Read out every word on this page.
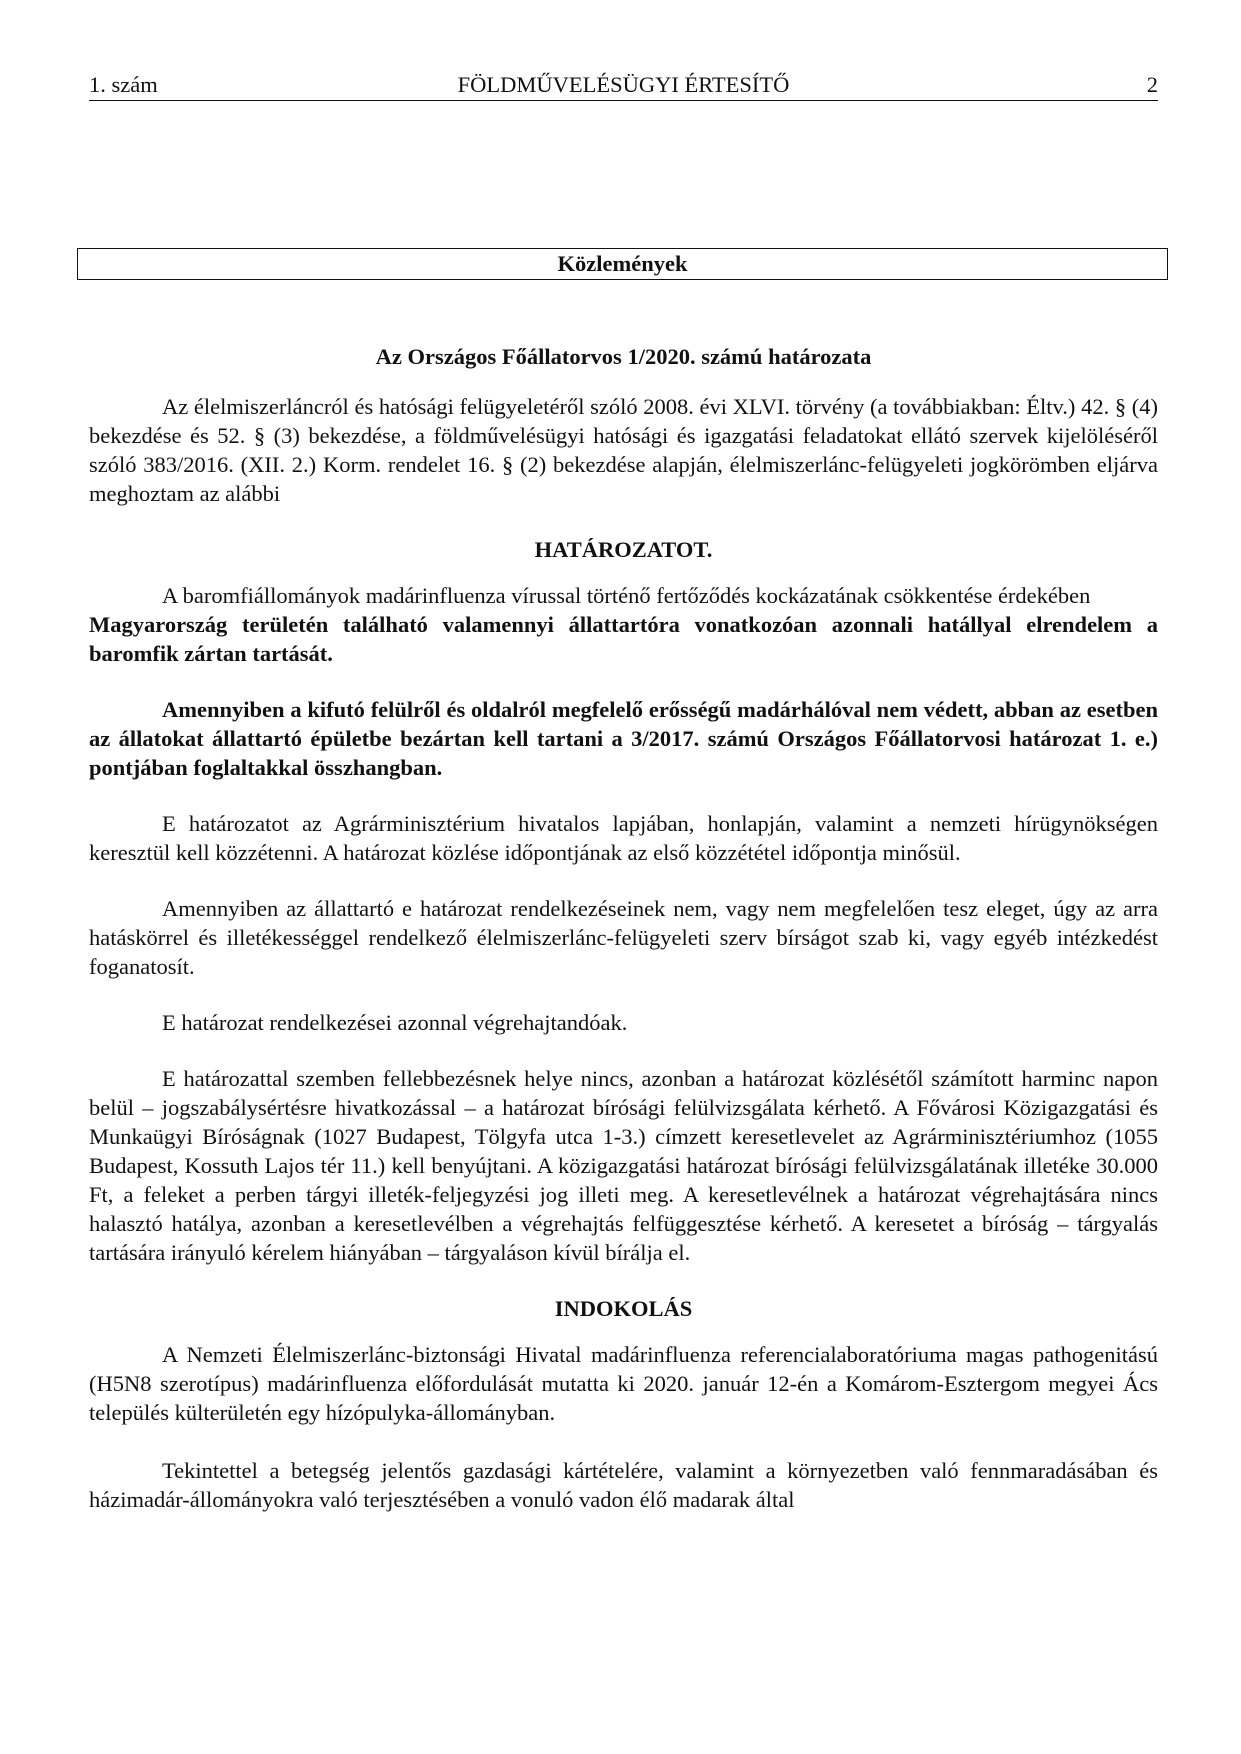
FÖLDMŰVELÉSÜGYI ÉRTESÍTŐ
1. szám	2
Közlemények

Az Országos Főállatorvos 1/2020. számú határozata

Az élelmiszerláncról és hatósági felügyeletéről szóló 2008. évi XLVI. törvény (a továbbiakban: Éltv.) 42. § (4) bekezdése és 52. § (3) bekezdése, a földművelésügyi hatósági és igazgatási feladatokat ellátó szervek kijelöléséről szóló 383/2016. (XII. 2.) Korm. rendelet 16. § (2) bekezdése alapján, élelmiszerlánc-felügyeleti jogkörömben eljárva meghoztam az alábbi

HATÁROZATOT.

A baromfiállományok madárinfluenza vírussal történő fertőződés kockázatának csökkentése érdekében

Magyarország területén található valamennyi állattartóra vonatkozóan azonnali hatállyal elrendelem a baromfik zártan tartását.

Amennyiben a kifutó felülről és oldalról megfelelő erősségű madárhálóval nem védett, abban az esetben az állatokat állattartó épületbe bezártan kell tartani a 3/2017. számú Országos Főállatorvosi határozat 1. e.) pontjában foglaltakkal összhangban.

E határozatot az Agrárminisztérium hivatalos lapjában, honlapján, valamint a nemzeti hírügynökségen keresztül kell közzétenni. A határozat közlése időpontjának az első közzététel időpontja minősül.

Amennyiben az állattartó e határozat rendelkezéseinek nem, vagy nem megfelelően tesz eleget, úgy az arra hatáskörrel és illetékességgel rendelkező élelmiszerlánc-felügyeleti szerv bírságot szab ki, vagy egyéb intézkedést foganatosít.

E határozat rendelkezései azonnal végrehajtandóak.

E határozattal szemben fellebbezésnek helye nincs, azonban a határozat közlésétől számított harminc napon belül – jogszabálysértésre hivatkozással – a határozat bírósági felülvizsgálata kérhető. A Fővárosi Közigazgatási és Munkaügyi Bíróságnak (1027 Budapest, Tölgyfa utca 1-3.) címzett keresetlevelet az Agrárminisztériumhoz (1055 Budapest, Kossuth Lajos tér 11.) kell benyújtani. A közigazgatási határozat bírósági felülvizsgálatának illetéke 30.000 Ft, a feleket a perben tárgyi illeték-feljegyzési jog illeti meg. A keresetlevélnek a határozat végrehajtására nincs halasztó hatálya, azonban a keresetlevélben a végrehajtás felfüggesztése kérhető. A keresetet a bíróság – tárgyalás tartására irányuló kérelem hiányában – tárgyaláson kívül bírálja el.

INDOKOLÁS

A Nemzeti Élelmiszerlánc-biztonsági Hivatal madárinfluenza referencialaboratóriuma magas pathogenitású (H5N8 szerotípus) madárinfluenza előfordulását mutatta ki 2020. január 12-én a Komárom-Esztergom megyei Ács település külterületén egy hízópulyka-állományban.

Tekintettel a betegség jelentős gazdasági kártételére, valamint a környezetben való fennmaradásában és házimadár-állományokra való terjesztésében a vonuló vadon élő madarak által
